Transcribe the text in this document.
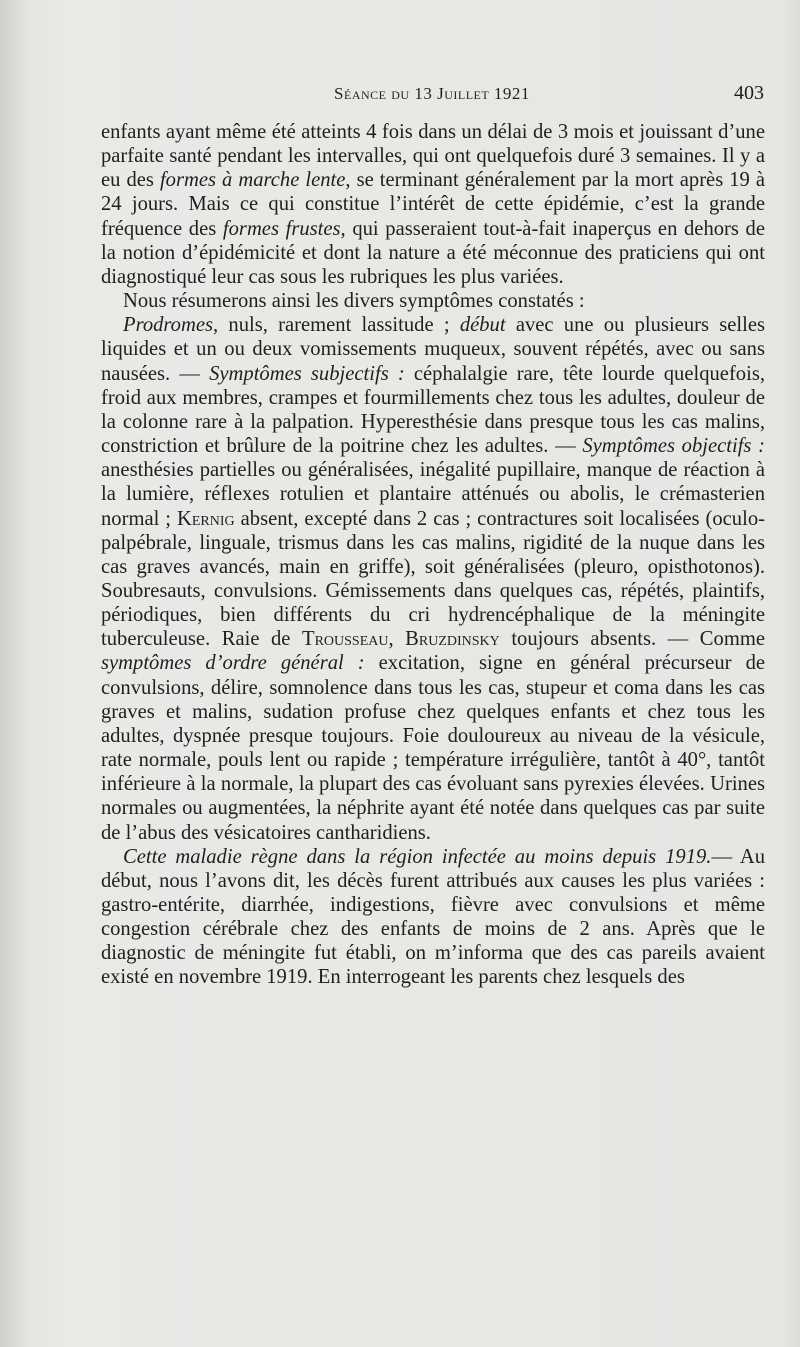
Séance du 13 Juillet 1921	403

enfants ayant même été atteints 4 fois dans un délai de 3 mois et jouissant d’une parfaite santé pendant les intervalles, qui ont quelquefois duré 3 semaines. Il y a eu des formes à marche lente, se terminant généralement par la mort après 19 à 24 jours. Mais ce qui constitue l’intérêt de cette épidémie, c’est la grande fréquence des formes frustes, qui passeraient tout-à-fait inaperçus en dehors de la notion d’épidémicité et dont la nature a été méconnue des praticiens qui ont diagnostiqué leur cas sous les rubriques les plus variées.

Nous résumerons ainsi les divers symptômes constatés :

Prodromes, nuls, rarement lassitude ; début avec une ou plusieurs selles liquides et un ou deux vomissements muqueux, souvent répétés, avec ou sans nausées. — Symptômes subjectifs : céphalalgie rare, tête lourde quelquefois, froid aux membres, crampes et fourmillements chez tous les adultes, douleur de la colonne rare à la palpation. Hyperesthésie dans presque tous les cas malins, constriction et brûlure de la poitrine chez les adultes. — Symptômes objectifs : anesthésies partielles ou généralisées, inégalité pupillaire, manque de réaction à la lumière, réflexes rotulien et plantaire atténués ou abolis, le crémasterien normal ; Kernig absent, excepté dans 2 cas ; contractures soit localisées (oculo-palpébrale, linguale, trismus dans les cas malins, rigidité de la nuque dans les cas graves avancés, main en griffe), soit généralisées (pleuro, opisthotonos). Soubresauts, convulsions. Gémissements dans quelques cas, répétés, plaintifs, périodiques, bien différents du cri hydrencéphalique de la méningite tuberculeuse. Raie de Trousseau, Bruzdinsky toujours absents. — Comme symptômes d’ordre général : excitation, signe en général précurseur de convulsions, délire, somnolence dans tous les cas, stupeur et coma dans les cas graves et malins, sudation profuse chez quelques enfants et chez tous les adultes, dyspnée presque toujours. Foie douloureux au niveau de la vésicule, rate normale, pouls lent ou rapide ; température irrégulière, tantôt à 40°, tantôt inférieure à la normale, la plupart des cas évoluant sans pyrexies élevées. Urines normales ou augmentées, la néphrite ayant été notée dans quelques cas par suite de l’abus des vésicatoires cantharidiens.

Cette maladie règne dans la région infectée au moins depuis 1919.— Au début, nous l’avons dit, les décès furent attribués aux causes les plus variées : gastro-entérite, diarrhée, indigestions, fièvre avec convulsions et même congestion cérébrale chez des enfants de moins de 2 ans. Après que le diagnostic de méningite fut établi, on m’informa que des cas pareils avaient existé en novembre 1919. En interrogeant les parents chez lesquels des
